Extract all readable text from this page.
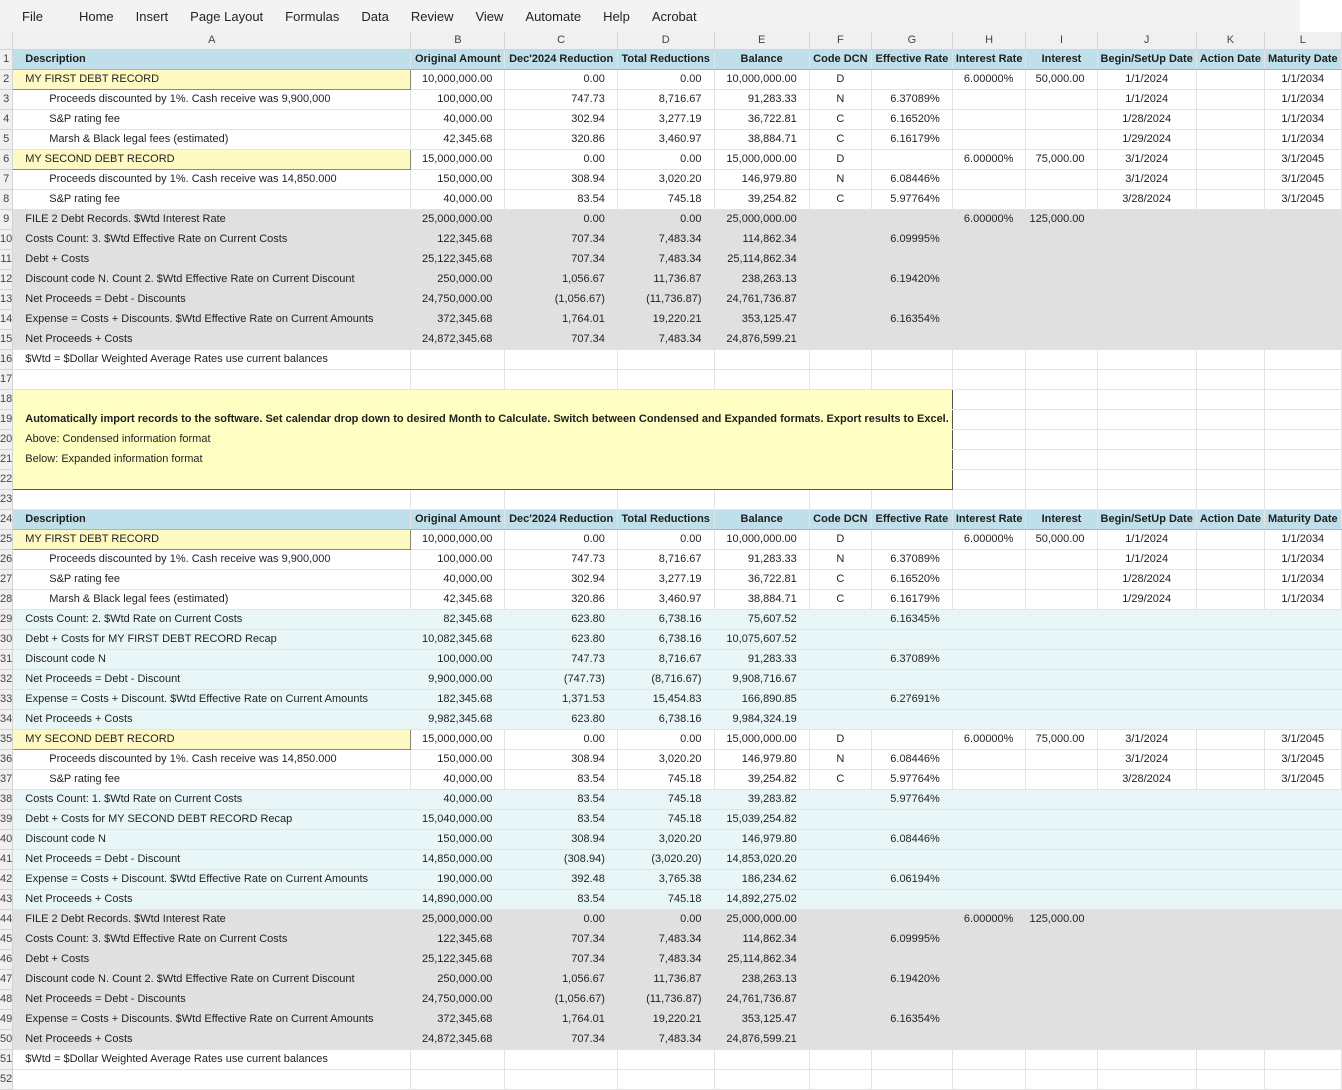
File	Home Insert Page Layout Formulas Data Review View Automate Help Acrobat
	A	B	C	D	E	F	G	H	I	J	K	L
1	Description	Original Amount	Dec'2024 Reduction	Total Reductions	Balance	Code DCN	Effective Rate	Interest Rate	Interest	Begin/SetUp Date	Action Date	Maturity Date
2	MY FIRST DEBT RECORD	10,000,000.00	0.00	0.00	10,000,000.00	D		6.00000%	50,000.00	1/1/2024		1/1/2034
3	Proceeds discounted by 1%. Cash receive was 9,900,000	100,000.00	747.73	8,716.67	91,283.33	N	6.37089%			1/1/2024		1/1/2034
4	S&P rating fee	40,000.00	302.94	3,277.19	36,722.81	C	6.16520%			1/28/2024		1/1/2034
5	Marsh & Black legal fees (estimated)	42,345.68	320.86	3,460.97	38,884.71	C	6.16179%			1/29/2024		1/1/2034
6	MY SECOND DEBT RECORD	15,000,000.00	0.00	0.00	15,000,000.00	D		6.00000%	75,000.00	3/1/2024		3/1/2045
7	Proceeds discounted by 1%. Cash receive was 14,850.000	150,000.00	308.94	3,020.20	146,979.80	N	6.08446%			3/1/2024		3/1/2045
8	S&P rating fee	40,000.00	83.54	745.18	39,254.82	C	5.97764%			3/28/2024		3/1/2045
9	FILE 2 Debt Records. $Wtd Interest Rate	25,000,000.00	0.00	0.00	25,000,000.00			6.00000%	125,000.00			
10	Costs Count: 3. $Wtd Effective Rate on Current Costs	122,345.68	707.34	7,483.34	114,862.34		6.09995%					
11	Debt + Costs	25,122,345.68	707.34	7,483.34	25,114,862.34							
12	Discount code N. Count 2. $Wtd Effective Rate on Current Discount	250,000.00	1,056.67	11,736.87	238,263.13		6.19420%					
13	Net Proceeds = Debt - Discounts	24,750,000.00	(1,056.67)	(11,736.87)	24,761,736.87							
14	Expense = Costs + Discounts. $Wtd Effective Rate on Current Amounts	372,345.68	1,764.01	19,220.21	353,125.47		6.16354%					
15	Net Proceeds + Costs	24,872,345.68	707.34	7,483.34	24,876,599.21							
16	$Wtd = $Dollar Weighted Average Rates use current balances											
17												
18												
19	Automatically import records to the software. Set calendar drop down to desired Month to Calculate. Switch between Condensed and Expanded formats. Export results to Excel.											
20	Above: Condensed information format											
21	Below: Expanded information format											
22												
23												
24	Description	Original Amount	Dec'2024 Reduction	Total Reductions	Balance	Code DCN	Effective Rate	Interest Rate	Interest	Begin/SetUp Date	Action Date	Maturity Date
25	MY FIRST DEBT RECORD	10,000,000.00	0.00	0.00	10,000,000.00	D		6.00000%	50,000.00	1/1/2024		1/1/2034
26	Proceeds discounted by 1%. Cash receive was 9,900,000	100,000.00	747.73	8,716.67	91,283.33	N	6.37089%			1/1/2024		1/1/2034
27	S&P rating fee	40,000.00	302.94	3,277.19	36,722.81	C	6.16520%			1/28/2024		1/1/2034
28	Marsh & Black legal fees (estimated)	42,345.68	320.86	3,460.97	38,884.71	C	6.16179%			1/29/2024		1/1/2034
29	Costs Count: 2. $Wtd Rate on Current Costs	82,345.68	623.80	6,738.16	75,607.52		6.16345%					
30	Debt + Costs for MY FIRST DEBT RECORD Recap	10,082,345.68	623.80	6,738.16	10,075,607.52							
31	Discount code N	100,000.00	747.73	8,716.67	91,283.33		6.37089%					
32	Net Proceeds = Debt - Discount	9,900,000.00	(747.73)	(8,716.67)	9,908,716.67							
33	Expense = Costs + Discount. $Wtd Effective Rate on Current Amounts	182,345.68	1,371.53	15,454.83	166,890.85		6.27691%					
34	Net Proceeds + Costs	9,982,345.68	623.80	6,738.16	9,984,324.19							
35	MY SECOND DEBT RECORD	15,000,000.00	0.00	0.00	15,000,000.00	D		6.00000%	75,000.00	3/1/2024		3/1/2045
36	Proceeds discounted by 1%. Cash receive was 14,850.000	150,000.00	308.94	3,020.20	146,979.80	N	6.08446%			3/1/2024		3/1/2045
37	S&P rating fee	40,000.00	83.54	745.18	39,254.82	C	5.97764%			3/28/2024		3/1/2045
38	Costs Count: 1. $Wtd Rate on Current Costs	40,000.00	83.54	745.18	39,283.82		5.97764%					
39	Debt + Costs for MY SECOND DEBT RECORD Recap	15,040,000.00	83.54	745.18	15,039,254.82							
40	Discount code N	150,000.00	308.94	3,020.20	146,979.80		6.08446%					
41	Net Proceeds = Debt - Discount	14,850,000.00	(308.94)	(3,020.20)	14,853,020.20							
42	Expense = Costs + Discount. $Wtd Effective Rate on Current Amounts	190,000.00	392.48	3,765.38	186,234.62		6.06194%					
43	Net Proceeds + Costs	14,890,000.00	83.54	745.18	14,892,275.02							
44	FILE 2 Debt Records. $Wtd Interest Rate	25,000,000.00	0.00	0.00	25,000,000.00			6.00000%	125,000.00			
45	Costs Count: 3. $Wtd Effective Rate on Current Costs	122,345.68	707.34	7,483.34	114,862.34		6.09995%					
46	Debt + Costs	25,122,345.68	707.34	7,483.34	25,114,862.34							
47	Discount code N. Count 2. $Wtd Effective Rate on Current Discount	250,000.00	1,056.67	11,736.87	238,263.13		6.19420%					
48	Net Proceeds = Debt - Discounts	24,750,000.00	(1,056.67)	(11,736.87)	24,761,736.87							
49	Expense = Costs + Discounts. $Wtd Effective Rate on Current Amounts	372,345.68	1,764.01	19,220.21	353,125.47		6.16354%					
50	Net Proceeds + Costs	24,872,345.68	707.34	7,483.34	24,876,599.21							
51	$Wtd = $Dollar Weighted Average Rates use current balances											
52												
